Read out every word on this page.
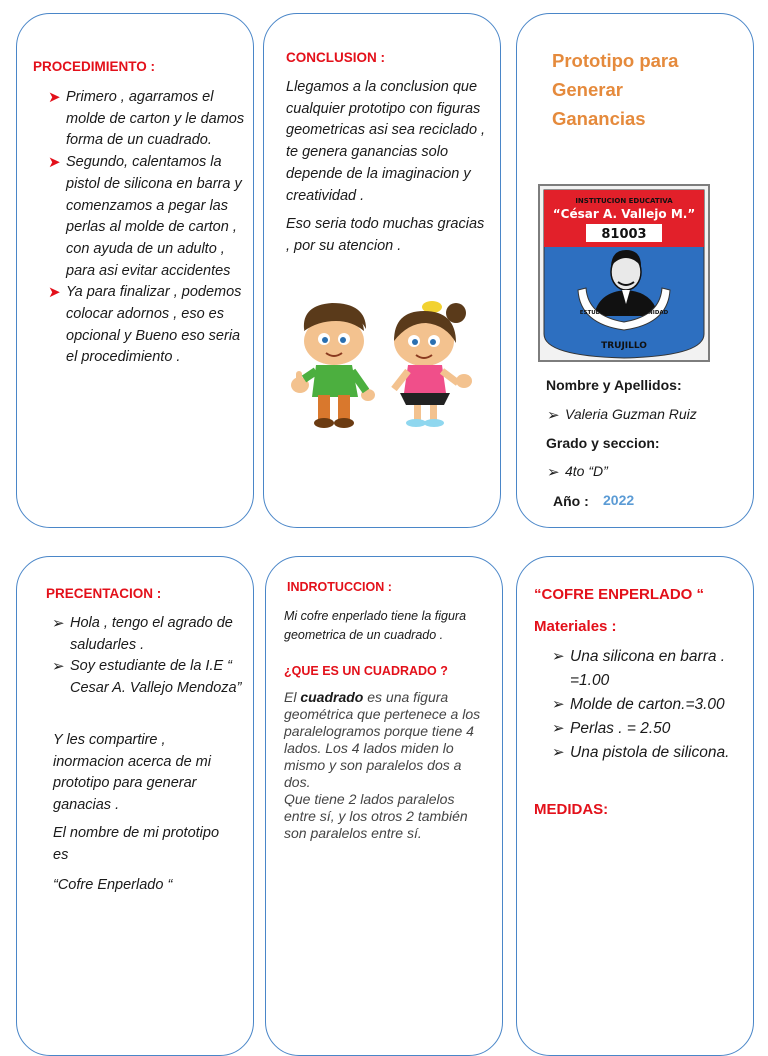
PROCEDIMIENTO :
➤ Primero , agarramos el molde de carton y le damos forma de un cuadrado.
➤ Segundo, calentamos la pistol de silicona en barra y comenzamos a pegar las perlas al molde de carton , con ayuda de un adulto , para asi evitar accidentes
➤ Ya para finalizar , podemos colocar adornos , eso es opcional y Bueno eso seria el procedimiento .
CONCLUSION :
Llegamos a la conclusion que cualquier prototipo con figuras geometricas asi sea reciclado , te genera ganancias solo depende de la imaginacion y creatividad .
Eso seria todo muchas gracias , por su atencion .
Prototipo para Generar Ganancias
INSTITUCION EDUCATIVA
“César A. Vallejo M.”
81003
ESTUDIO VALOR Y DIGNIDAD
TRUJILLO
Nombre y Apellidos:
➢ Valeria Guzman Ruiz
Grado y seccion:
➢ 4to “D”
Año : 2022
PRECENTACION :
➢ Hola , tengo el agrado de saludarles .
➢ Soy estudiante de la I.E “ Cesar A. Vallejo Mendoza”
Y les compartire , inormacion acerca de mi prototipo para generar ganacias .
El nombre de mi prototipo es
“Cofre Enperlado “
INDROTUCCION :
Mi cofre enperlado tiene la figura geometrica de un cuadrado .
¿QUE ES UN CUADRADO ?
El cuadrado es una figura geométrica que pertenece a los paralelogramos porque tiene 4 lados. Los 4 lados miden lo mismo y son paralelos dos a dos.
Que tiene 2 lados paralelos entre sí, y los otros 2 también son paralelos entre sí.
“COFRE ENPERLADO “
Materiales :
➢ Una silicona en barra . =1.00
➢ Molde de carton.=3.00
➢ Perlas . = 2.50
➢ Una pistola de silicona.
MEDIDAS:
